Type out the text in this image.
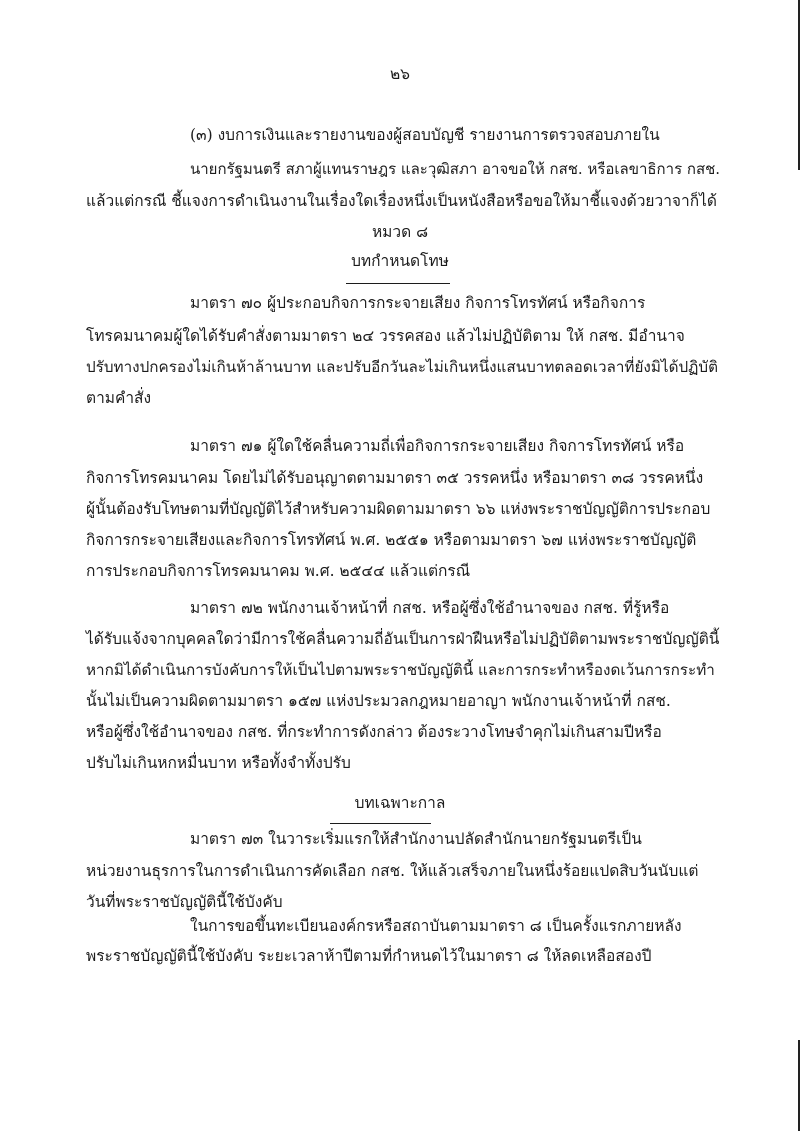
๒๖
(๓) งบการเงินและรายงานของผู้สอบบัญชี รายงานการตรวจสอบภายใน
นายกรัฐมนตรี สภาผู้แทนราษฎร และวุฒิสภา อาจขอให้ กสช. หรือเลขาธิการ กสช.
แล้วแต่กรณี ชี้แจงการดำเนินงานในเรื่องใดเรื่องหนึ่งเป็นหนังสือหรือขอให้มาชี้แจงด้วยวาจาก็ได้
หมวด ๘
บทกำหนดโทษ
มาตรา ๗๐ ผู้ประกอบกิจการกระจายเสียง กิจการโทรทัศน์ หรือกิจการ
โทรคมนาคมผู้ใดได้รับคำสั่งตามมาตรา ๒๔ วรรคสอง แล้วไม่ปฏิบัติตาม ให้ กสช. มีอำนาจ
ปรับทางปกครองไม่เกินห้าล้านบาท และปรับอีกวันละไม่เกินหนึ่งแสนบาทตลอดเวลาที่ยังมิได้ปฏิบัติ
ตามคำสั่ง
มาตรา ๗๑ ผู้ใดใช้คลื่นความถี่เพื่อกิจการกระจายเสียง กิจการโทรทัศน์ หรือ
กิจการโทรคมนาคม โดยไม่ได้รับอนุญาตตามมาตรา ๓๕ วรรคหนึ่ง หรือมาตรา ๓๘ วรรคหนึ่ง
ผู้นั้นต้องรับโทษตามที่บัญญัติไว้สำหรับความผิดตามมาตรา ๖๖ แห่งพระราชบัญญัติการประกอบ
กิจการกระจายเสียงและกิจการโทรทัศน์ พ.ศ. ๒๕๕๑ หรือตามมาตรา ๖๗ แห่งพระราชบัญญัติ
การประกอบกิจการโทรคมนาคม พ.ศ. ๒๕๔๔ แล้วแต่กรณี
มาตรา ๗๒ พนักงานเจ้าหน้าที่ กสช. หรือผู้ซึ่งใช้อำนาจของ กสช. ที่รู้หรือ
ได้รับแจ้งจากบุคคลใดว่ามีการใช้คลื่นความถี่อันเป็นการฝ่าฝืนหรือไม่ปฏิบัติตามพระราชบัญญัตินี้
หากมิได้ดำเนินการบังคับการให้เป็นไปตามพระราชบัญญัตินี้ และการกระทำหรืองดเว้นการกระทำ
นั้นไม่เป็นความผิดตามมาตรา ๑๕๗ แห่งประมวลกฎหมายอาญา พนักงานเจ้าหน้าที่ กสช.
หรือผู้ซึ่งใช้อำนาจของ กสช. ที่กระทำการดังกล่าว ต้องระวางโทษจำคุกไม่เกินสามปีหรือ
ปรับไม่เกินหกหมื่นบาท หรือทั้งจำทั้งปรับ
บทเฉพาะกาล
มาตรา ๗๓ ในวาระเริ่มแรกให้สำนักงานปลัดสำนักนายกรัฐมนตรีเป็น
หน่วยงานธุรการในการดำเนินการคัดเลือก กสช. ให้แล้วเสร็จภายในหนึ่งร้อยแปดสิบวันนับแต่
วันที่พระราชบัญญัตินี้ใช้บังคับ
ในการขอขึ้นทะเบียนองค์กรหรือสถาบันตามมาตรา ๘ เป็นครั้งแรกภายหลัง
พระราชบัญญัตินี้ใช้บังคับ ระยะเวลาห้าปีตามที่กำหนดไว้ในมาตรา ๘ ให้ลดเหลือสองปี
